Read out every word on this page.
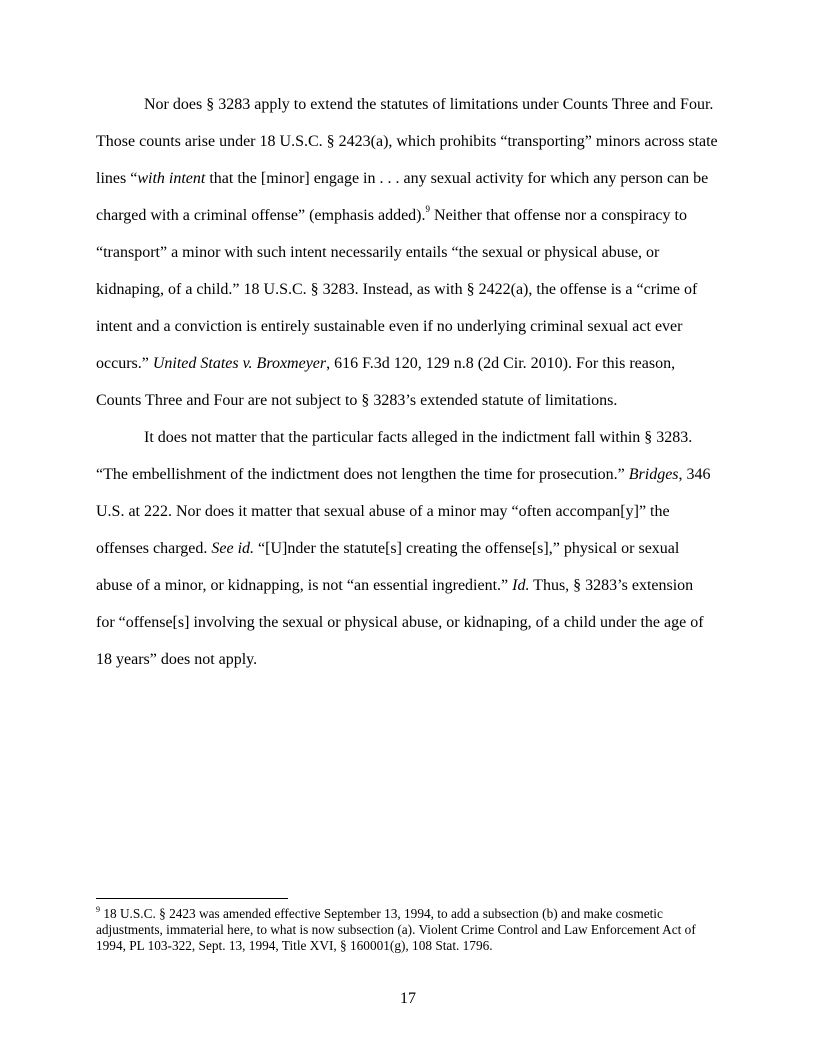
Nor does § 3283 apply to extend the statutes of limitations under Counts Three and Four.

Those counts arise under 18 U.S.C. § 2423(a), which prohibits “transporting” minors across state

lines “with intent that the [minor] engage in . . . any sexual activity for which any person can be

charged with a criminal offense” (emphasis added).$^9$ Neither that offense nor a conspiracy to

“transport” a minor with such intent necessarily entails “the sexual or physical abuse, or

kidnaping, of a child.” 18 U.S.C. § 3283. Instead, as with § 2422(a), the offense is a “crime of

intent and a conviction is entirely sustainable even if no underlying criminal sexual act ever

occurs.” United States v. Broxmeyer, 616 F.3d 120, 129 n.8 (2d Cir. 2010). For this reason,

Counts Three and Four are not subject to § 3283’s extended statute of limitations.

It does not matter that the particular facts alleged in the indictment fall within § 3283.

“The embellishment of the indictment does not lengthen the time for prosecution.” Bridges, 346

U.S. at 222. Nor does it matter that sexual abuse of a minor may “often accompan[y]” the

offenses charged. See id. “[U]nder the statute[s] creating the offense[s],” physical or sexual

abuse of a minor, or kidnapping, is not “an essential ingredient.” Id. Thus, § 3283’s extension

for “offense[s] involving the sexual or physical abuse, or kidnaping, of a child under the age of

18 years” does not apply.

$^9$ 18 U.S.C. § 2423 was amended effective September 13, 1994, to add a subsection (b) and make cosmetic
adjustments, immaterial here, to what is now subsection (a). Violent Crime Control and Law Enforcement Act of
1994, PL 103-322, Sept. 13, 1994, Title XVI, § 160001(g), 108 Stat. 1796.
17
